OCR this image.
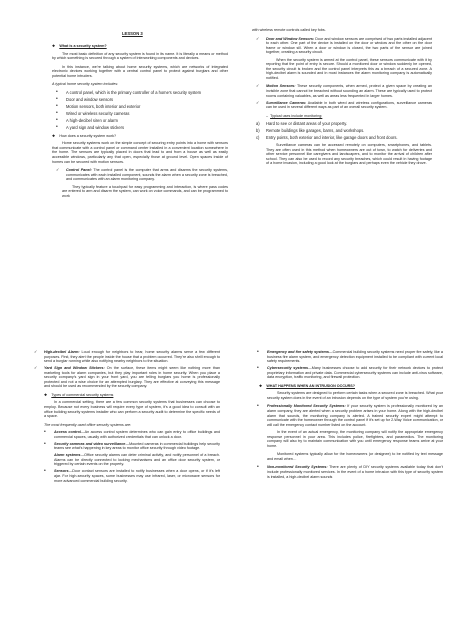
LESSON 3
❖ What is a security system?

The most basic definition of any security system is found in its name. It is literally a means or method by which something is secured through a system of interworking components and devices.

In this instance, we’re talking about home security systems, which are networks of integrated electronic devices working together with a central control panel to protect against burglars and other potential home intruders.

A typical home security system includes:
• A control panel, which is the primary controller of a home’s security system
• Door and window sensors
• Motion sensors, both interior and exterior
• Wired or wireless security cameras
• A high-decibel siren or alarm
• A yard sign and window stickers
❖ How does a security system work?

Home security systems work on the simple concept of securing entry points into a home with sensors that communicate with a control panel or command center installed in a convenient location somewhere in the home. The sensors are typically placed in doors that lead to and from a house as well as easily accessible windows, particularly any that open, especially those at ground level. Open spaces inside of homes can be secured with motion sensors.

✓ Control Panel: The control panel is the computer that arms and disarms the security systems, communicates with each installed component, sounds the alarm when a security zone is breached, and communicates with an alarm monitoring company.

They typically feature a touchpad for easy programming and interaction, is where pass codes are entered to arm and disarm the system, can work on voice commands, and can be programmed to work

with wireless remote controls called key fobs.

✓ Door and Window Sensors: Door and window sensors are comprised of two parts installed adjacent to each other. One part of the device is installed on the door or window and the other on the door frame or window sill. When a door or window is closed, the two parts of the sensor are joined together, creating a security circuit.

When the security system is armed at the control panel, these sensors communicate with it by reporting that the point of entry is secure. Should a monitored door or window suddenly be opened, the security circuit is broken and the control panel interprets this as a breach of a secured zone. A high-decibel alarm is sounded and in most instances the alarm monitoring company is automatically notified.

✓ Motion Sensors: These security components, when armed, protect a given space by creating an invisible zone that cannot be breached without sounding an alarm. These are typically used to protect rooms containing valuables, as well as areas less frequented in larger homes.
✓ Surveillance Cameras: Available in both wired and wireless configurations, surveillance cameras can be used in several different ways as part of an overall security system.
– Typical uses include monitoring:
a) Hard to see or distant areas of your property.
b) Remote buildings like garages, barns, and workshops.
c) Entry points, both exterior and interior, like garage doors and front doors.

Surveillance cameras can be accessed remotely on computers, smartphones, and tablets. They are often used in this method when homeowners are out of town, to watch for deliveries and other service personnel like caregivers and landscapers, and to monitor the arrival of children after school. They can also be used to record any security breaches, which could result in having footage of a home invasion, including a good look at the burglars and perhaps even the vehicle they drove.

✓ High-decibel Alarm: Loud enough for neighbors to hear, home security alarms serve a few different purposes. First, they alert the people inside the house that a problem occurred. They’re also shrill enough to send a burglar running while also notifying nearby neighbors to the situation.
✓ Yard Sign and Window Stickers: On the surface, these items might seem like nothing more than marketing tools for alarm companies, but they play important roles in home security. When you place a security company’s yard sign in your front yard, you are telling burglars you home is professionally protected and not a wise choice for an attempted burglary. They are effective at conveying this message and should be used as recommended by the security company.
❖ Types of commercial security systems

In a commercial setting, there are a few common security systems that businesses can choose to employ. Because not every business will require every type of system, it’s a good idea to consult with an office building security systems installer who can perform a security audit to determine the specific needs of a space.

The most frequently used office security systems are:
• Access control—An access control system determines who can gain entry to office buildings and commercial spaces, usually with authorized credentials that can unlock a door.
• Security cameras and video surveillance—Mounted cameras in commercial buildings help security teams see what’s happening in key areas to monitor office security through video footage.
Alarm systems—Office security alarms can deter criminal activity, and notify personnel of a breach. Alarms can be directly connected to locking mechanisms and an office door security system, or triggered by certain events on the property.
• Sensors—Door contact sensors are installed to notify businesses when a door opens, or if it’s left ajar. For high-security spaces, some businesses may use infrared, laser, or microwave sensors for more advanced commercial building security.
• Emergency and fire safety systems—Commercial building security systems need proper fire safety, like a business fire alarm system, and emergency detection equipment installed to be compliant with current local safety requirements.
• Cybersecurity systems—Many businesses choose to add security for their network devices to protect proprietary information and private data. Commercial cybersecurity systems can include anti-virus software, data encryption, traffic monitoring, and firewall protection.
❖ WHAT HAPPENS WHEN AN INTRUSION OCCURS?

Security systems are designed to perform certain tasks when a secured zone is breached. What your security system does in the event of an intrusion depends on the type of system you’re using.

• Professionally Monitored Security Systems: If your security system is professionally monitored by an alarm company, they are alerted when a security problem arises in your home. Along with the high-decibel alarm that sounds, the monitoring company is alerted. A trained security expert might attempt to communicate with the homeowner through the control panel if it’s set up for 2-Way Voice communication, or will call the emergency contact number listed on the account.

In the event of an actual emergency, the monitoring company will notify the appropriate emergency response personnel in your area. This includes police, firefighters, and paramedics. The monitoring company will also try to maintain communication with you until emergency response teams arrive at your home.

Monitored systems typically allow for the homeowners (or designee) to be notified by text message and email when…

• Non-monitored Security Systems: There are plenty of DIY security systems available today that don’t include professionally monitored services. In the event of a home intrusion with this type of security system is installed, a high-decibel alarm sounds
